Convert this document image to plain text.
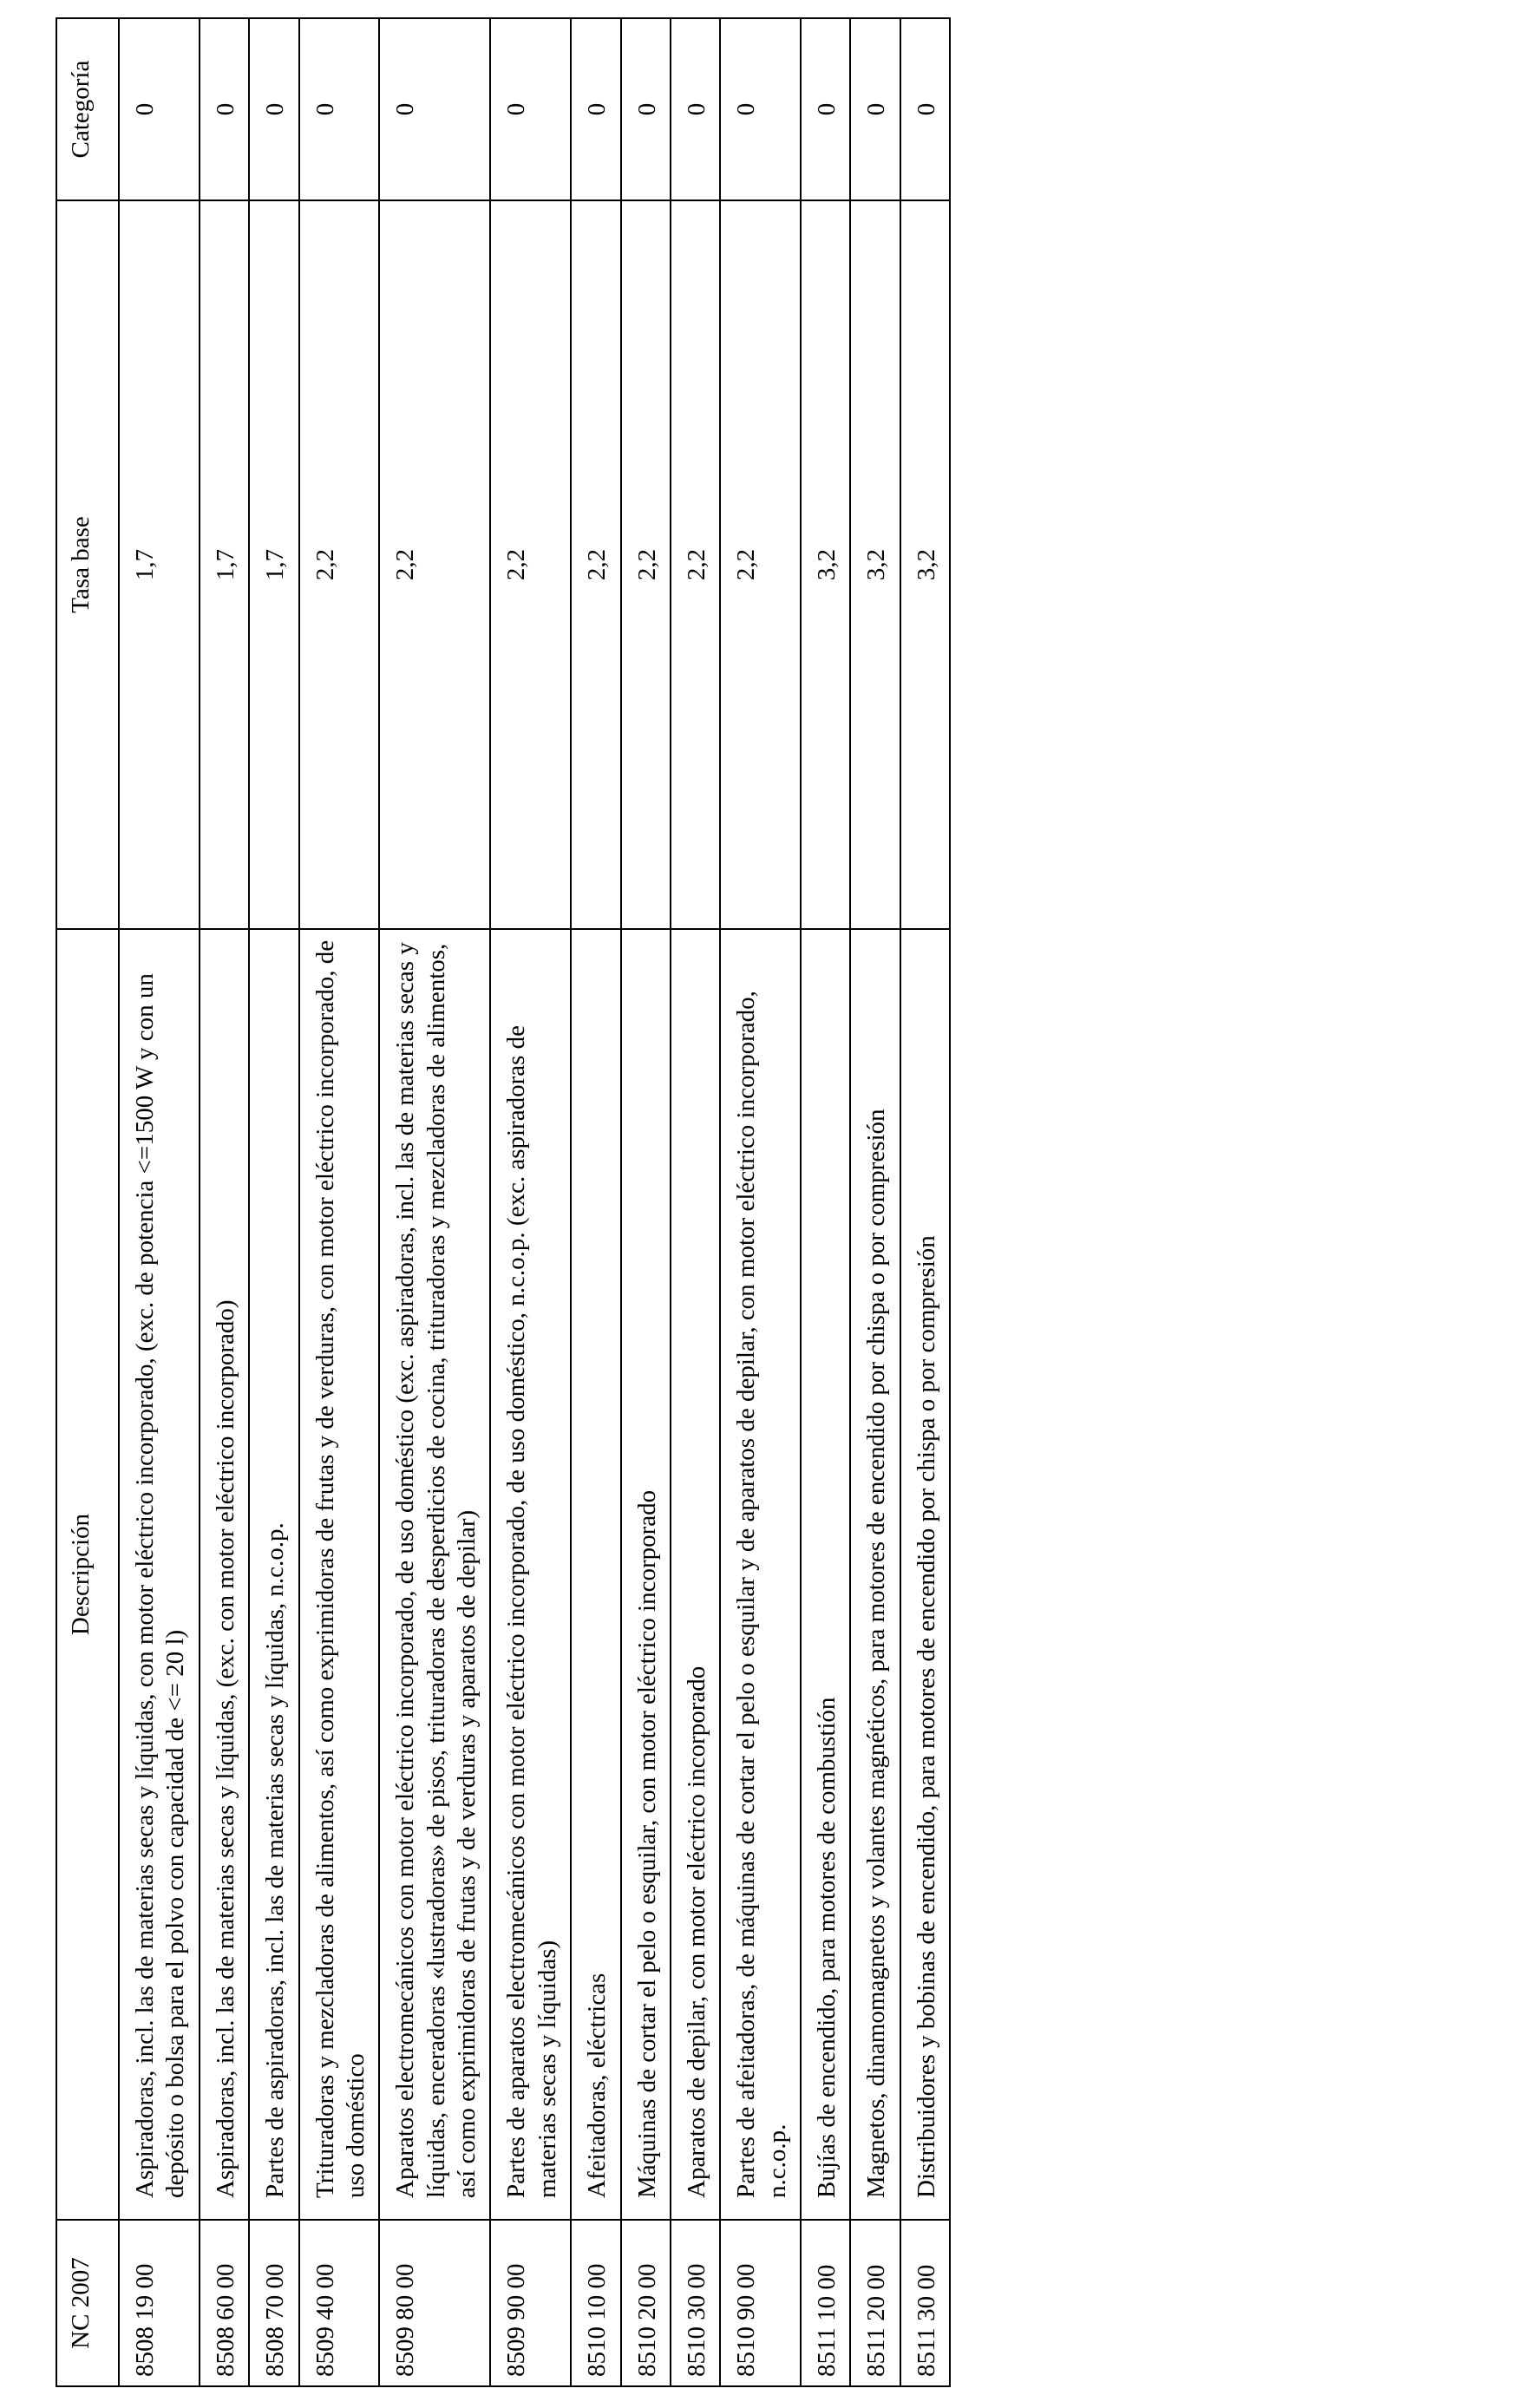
NC 2007	Descripción	Tasa base	Categoría
8508 19 00	Aspiradoras, incl. las de materias secas y líquidas, con motor eléctrico incorporado, (exc. de potencia <=1500 W y con un depósito o bolsa para el polvo con capacidad de <= 20 l)	1,7	0
8508 60 00	Aspiradoras, incl. las de materias secas y líquidas, (exc. con motor eléctrico incorporado)	1,7	0
8508 70 00	Partes de aspiradoras, incl. las de materias secas y líquidas, n.c.o.p.	1,7	0
8509 40 00	Trituradoras y mezcladoras de alimentos, así como exprimidoras de frutas y de verduras, con motor eléctrico incorporado, de uso doméstico	2,2	0
8509 80 00	Aparatos electromecánicos con motor eléctrico incorporado, de uso doméstico (exc. aspiradoras, incl. las de materias secas y líquidas, enceradoras «lustradoras» de pisos, trituradoras de desperdicios de cocina, trituradoras y mezcladoras de alimentos, así como exprimidoras de frutas y de verduras y aparatos de depilar)	2,2	0
8509 90 00	Partes de aparatos electromecánicos con motor eléctrico incorporado, de uso doméstico, n.c.o.p. (exc. aspiradoras de materias secas y líquidas)	2,2	0
8510 10 00	Afeitadoras, eléctricas	2,2	0
8510 20 00	Máquinas de cortar el pelo o esquilar, con motor eléctrico incorporado	2,2	0
8510 30 00	Aparatos de depilar, con motor eléctrico incorporado	2,2	0
8510 90 00	Partes de afeitadoras, de máquinas de cortar el pelo o esquilar y de aparatos de depilar, con motor eléctrico incorporado, n.c.o.p.	2,2	0
8511 10 00	Bujías de encendido, para motores de combustión	3,2	0
8511 20 00	Magnetos, dinamomagnetos y volantes magnéticos, para motores de encendido por chispa o por compresión	3,2	0
8511 30 00	Distribuidores y bobinas de encendido, para motores de encendido por chispa o por compresión	3,2	0
